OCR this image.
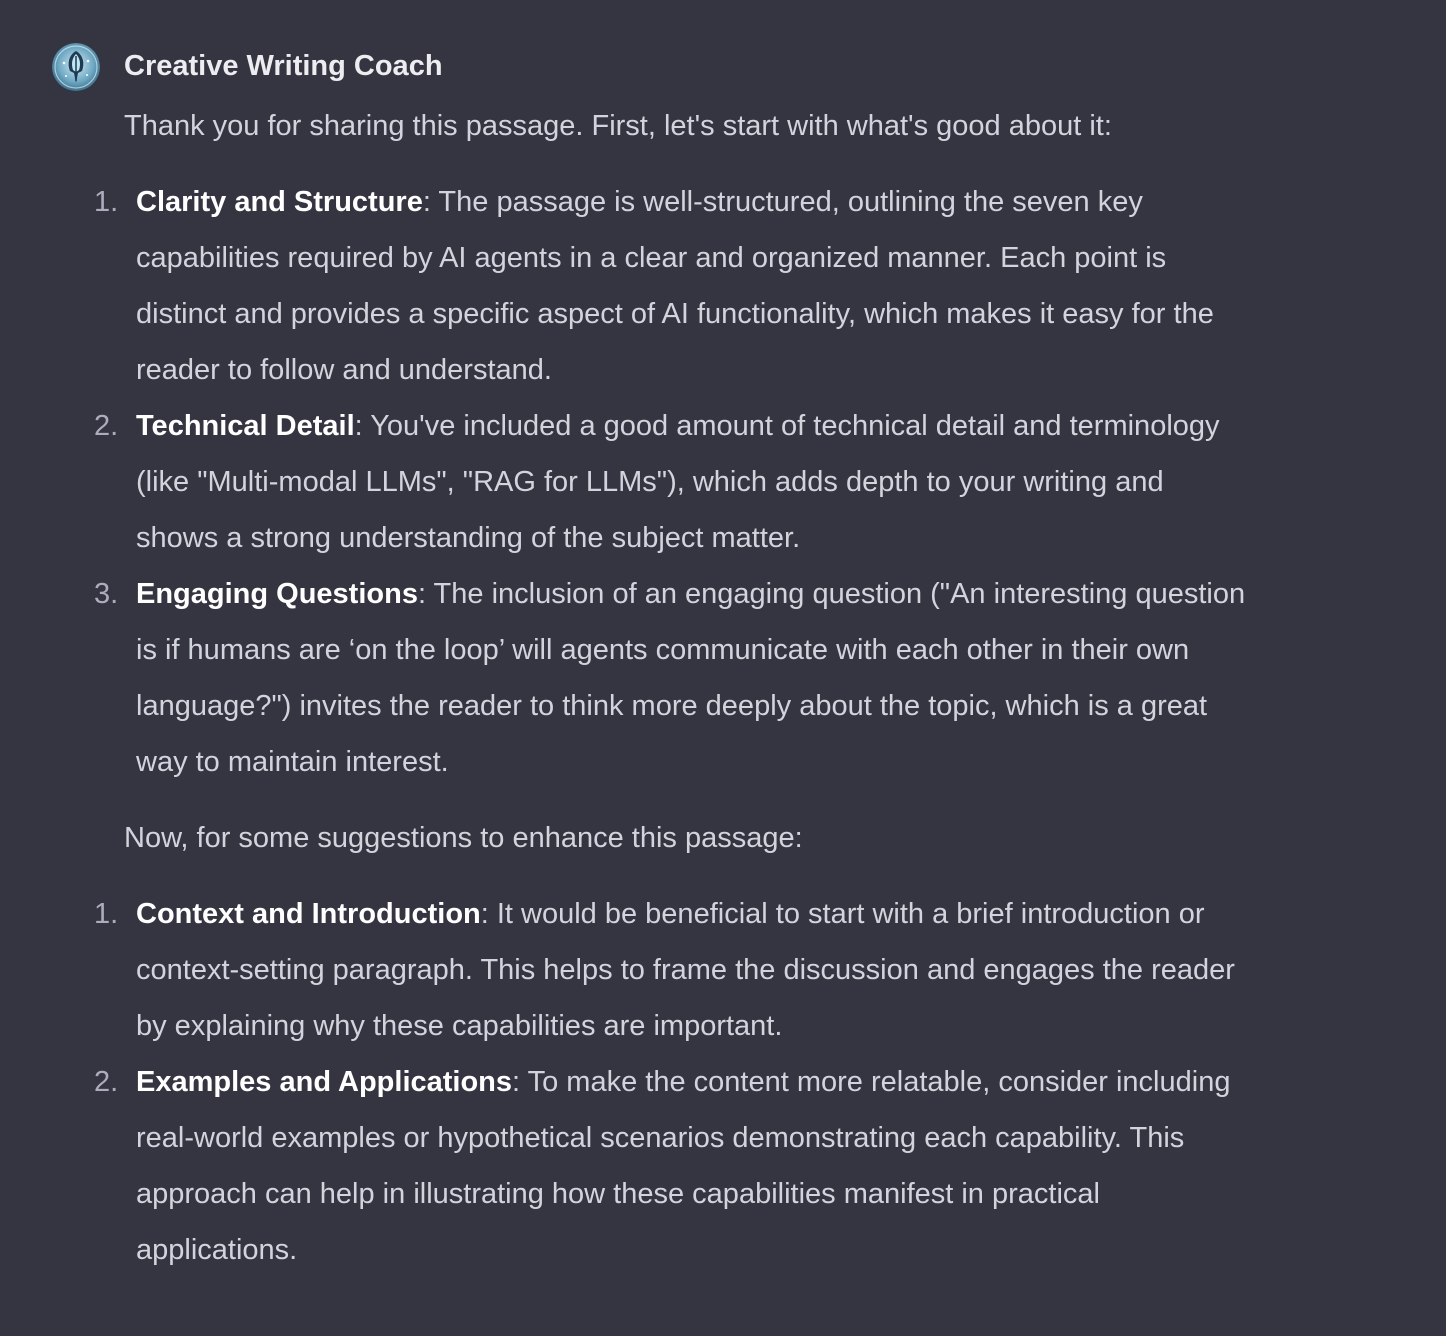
Creative Writing Coach

Thank you for sharing this passage. First, let's start with what's good about it:

1. Clarity and Structure: The passage is well-structured, outlining the seven key
capabilities required by AI agents in a clear and organized manner. Each point is
distinct and provides a specific aspect of AI functionality, which makes it easy for the
reader to follow and understand.
2. Technical Detail: You've included a good amount of technical detail and terminology
(like "Multi-modal LLMs", "RAG for LLMs"), which adds depth to your writing and
shows a strong understanding of the subject matter.
3. Engaging Questions: The inclusion of an engaging question ("An interesting question
is if humans are ‘on the loop’ will agents communicate with each other in their own
language?") invites the reader to think more deeply about the topic, which is a great
way to maintain interest.

Now, for some suggestions to enhance this passage:

1. Context and Introduction: It would be beneficial to start with a brief introduction or
context-setting paragraph. This helps to frame the discussion and engages the reader
by explaining why these capabilities are important.
2. Examples and Applications: To make the content more relatable, consider including
real-world examples or hypothetical scenarios demonstrating each capability. This
approach can help in illustrating how these capabilities manifest in practical
applications.
